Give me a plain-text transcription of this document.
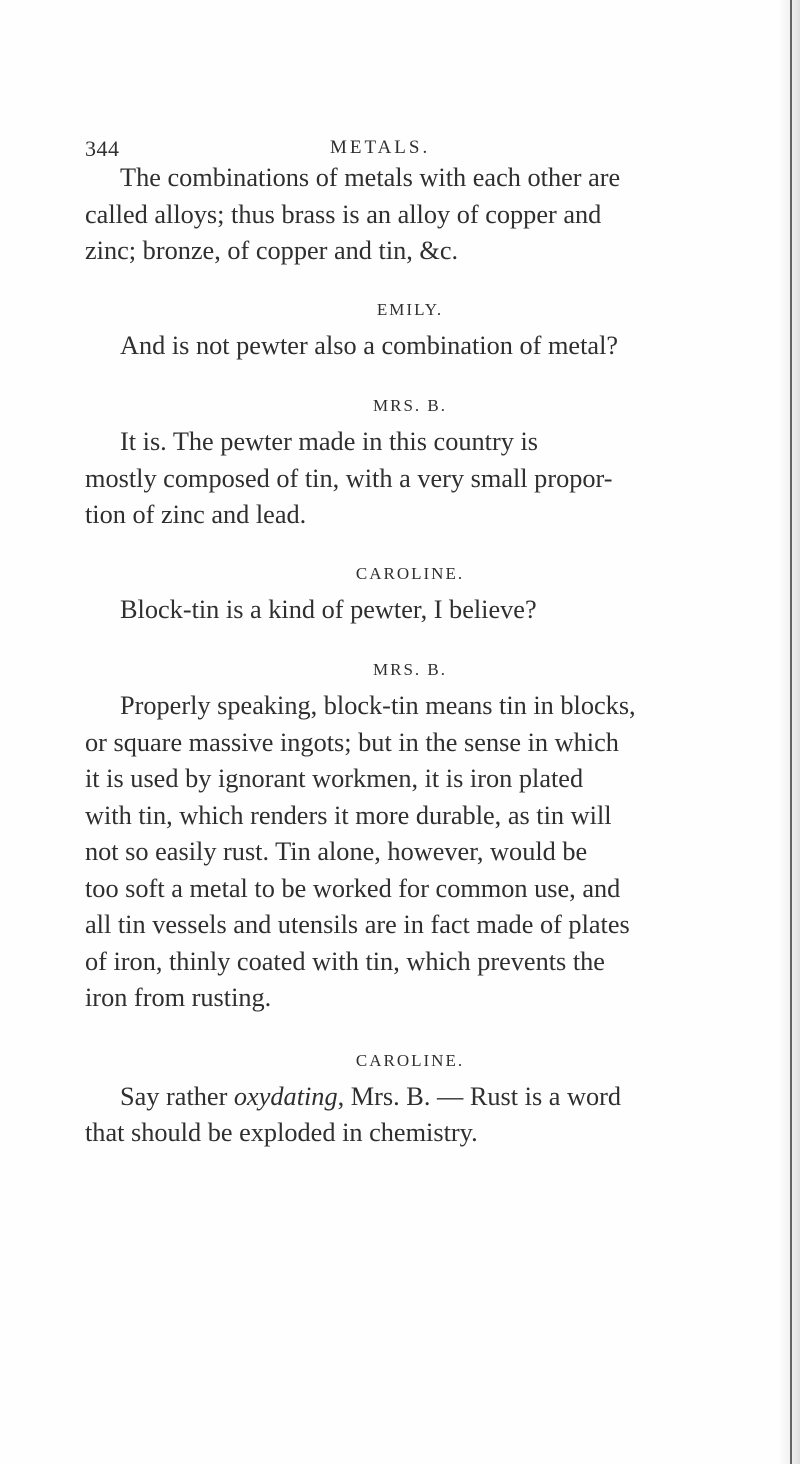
344	METALS.

The combinations of metals with each other are
called alloys; thus brass is an alloy of copper and
zinc; bronze, of copper and tin, &c.

EMILY.

And is not pewter also a combination of metal?

MRS. B.

It is. The pewter made in this country is
mostly composed of tin, with a very small propor-
tion of zinc and lead.

CAROLINE.

Block-tin is a kind of pewter, I believe?

MRS. B.

Properly speaking, block-tin means tin in blocks,
or square massive ingots; but in the sense in which
it is used by ignorant workmen, it is iron plated
with tin, which renders it more durable, as tin will
not so easily rust. Tin alone, however, would be
too soft a metal to be worked for common use, and
all tin vessels and utensils are in fact made of plates
of iron, thinly coated with tin, which prevents the
iron from rusting.

CAROLINE.

Say rather oxydating, Mrs. B. — Rust is a word
that should be exploded in chemistry.
